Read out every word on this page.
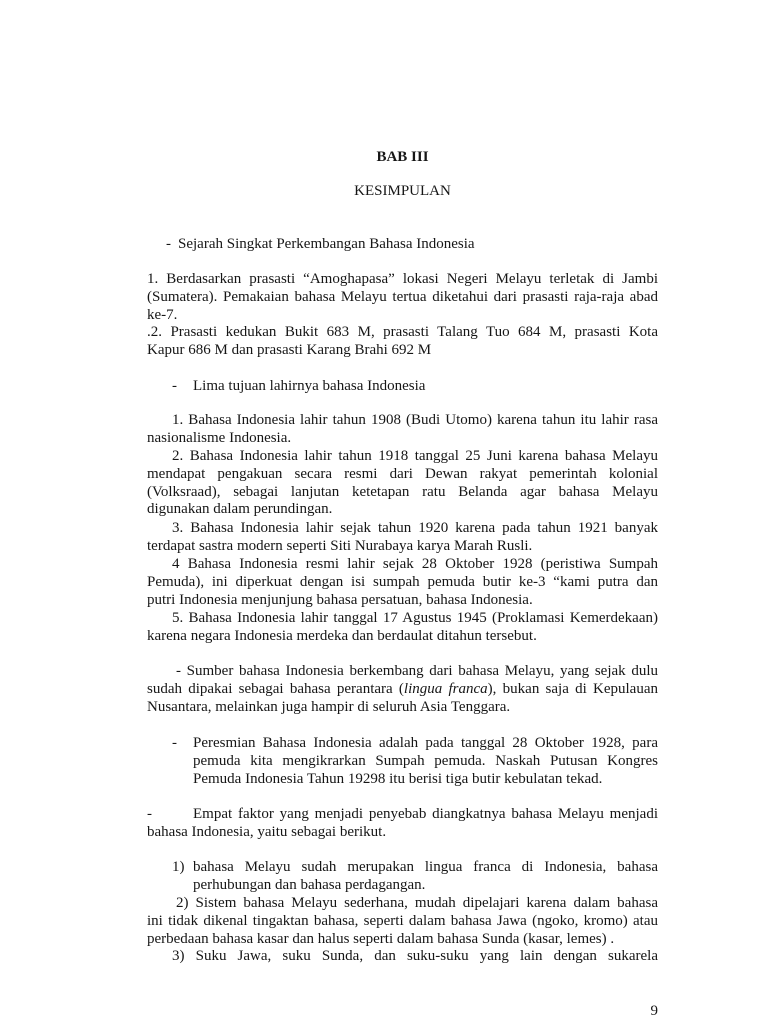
BAB III
KESIMPULAN
- Sejarah Singkat Perkembangan Bahasa Indonesia
1. Berdasarkan prasasti “Amoghapasa” lokasi Negeri Melayu terletak di Jambi
(Sumatera). Pemakaian bahasa Melayu tertua diketahui dari prasasti raja-raja abad
ke-7.
.2. Prasasti kedukan Bukit 683 M, prasasti Talang Tuo 684 M, prasasti Kota
Kapur 686 M dan prasasti Karang Brahi 692 M
- Lima tujuan lahirnya bahasa Indonesia
1. Bahasa Indonesia lahir tahun 1908 (Budi Utomo) karena tahun itu lahir rasa
nasionalisme Indonesia.
2. Bahasa Indonesia lahir tahun 1918 tanggal 25 Juni karena bahasa Melayu
mendapat pengakuan secara resmi dari Dewan rakyat pemerintah kolonial
(Volksraad), sebagai lanjutan ketetapan ratu Belanda agar bahasa Melayu
digunakan dalam perundingan.
3. Bahasa Indonesia lahir sejak tahun 1920 karena pada tahun 1921 banyak
terdapat sastra modern seperti Siti Nurabaya karya Marah Rusli.
4 Bahasa Indonesia resmi lahir sejak 28 Oktober 1928 (peristiwa Sumpah
Pemuda), ini diperkuat dengan isi sumpah pemuda butir ke-3 “kami putra dan
putri Indonesia menjunjung bahasa persatuan, bahasa Indonesia.
5. Bahasa Indonesia lahir tanggal 17 Agustus 1945 (Proklamasi Kemerdekaan)
karena negara Indonesia merdeka dan berdaulat ditahun tersebut.
- Sumber bahasa Indonesia berkembang dari bahasa Melayu, yang sejak dulu
sudah dipakai sebagai bahasa perantara (lingua franca), bukan saja di Kepulauan
Nusantara, melainkan juga hampir di seluruh Asia Tenggara.
- Peresmian Bahasa Indonesia adalah pada tanggal 28 Oktober 1928, para
pemuda kita mengikrarkan Sumpah pemuda. Naskah Putusan Kongres
Pemuda Indonesia Tahun 19298 itu berisi tiga butir kebulatan tekad.
-	Empat faktor yang menjadi penyebab diangkatnya bahasa Melayu menjadi
bahasa Indonesia, yaitu sebagai berikut.
1) bahasa Melayu sudah merupakan lingua franca di Indonesia, bahasa
perhubungan dan bahasa perdagangan.
2) Sistem bahasa Melayu sederhana, mudah dipelajari karena dalam bahasa
ini tidak dikenal tingaktan bahasa, seperti dalam bahasa Jawa (ngoko, kromo) atau
perbedaan bahasa kasar dan halus seperti dalam bahasa Sunda (kasar, lemes) .
3) Suku Jawa, suku Sunda, dan suku-suku yang lain dengan sukarela
9
